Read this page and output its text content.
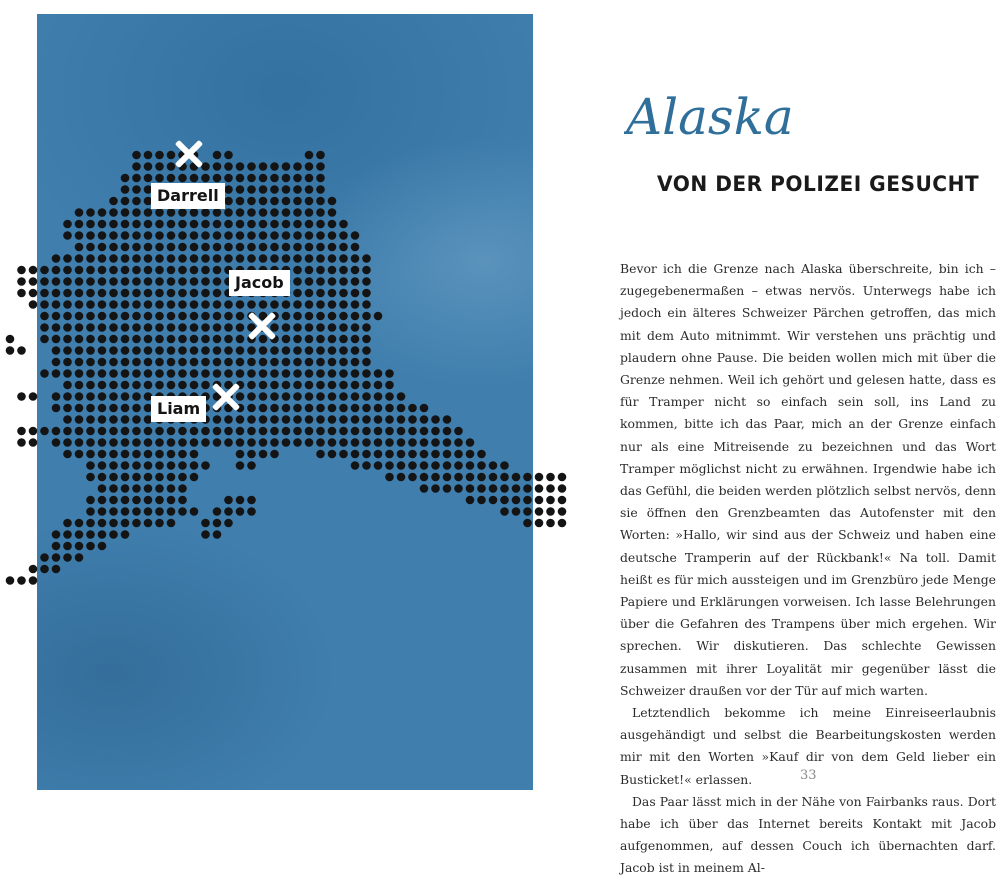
Darrell
Jacob
Liam
Alaska
VON DER POLIZEI GESUCHT

Bevor ich die Grenze nach Alaska überschreite, bin ich – zugegebenermaßen – etwas nervös. Unterwegs habe ich jedoch ein älteres Schweizer Pärchen getroffen, das mich mit dem Auto mitnimmt. Wir verstehen uns prächtig und plaudern ohne Pause. Die beiden wollen mich mit über die Grenze nehmen. Weil ich gehört und gelesen hatte, dass es für Tramper nicht so einfach sein soll, ins Land zu kommen, bitte ich das Paar, mich an der Grenze einfach nur als eine Mitreisende zu bezeichnen und das Wort Tramper möglichst nicht zu erwähnen. Irgendwie habe ich das Gefühl, die beiden werden plötzlich selbst nervös, denn sie öffnen den Grenzbeamten das Autofenster mit den Worten: »Hallo, wir sind aus der Schweiz und haben eine deutsche Tramperin auf der Rückbank!« Na toll. Damit heißt es für mich aussteigen und im Grenzbüro jede Menge Papiere und Erklärungen vorweisen. Ich lasse Belehrungen über die Gefahren des Trampens über mich ergehen. Wir sprechen. Wir diskutieren. Das schlechte Gewissen zusammen mit ihrer Loyalität mir gegenüber lässt die Schweizer draußen vor der Tür auf mich warten.

Letztendlich bekomme ich meine Einreiseerlaubnis ausgehändigt und selbst die Bearbeitungskosten werden mir mit den Worten »Kauf dir von dem Geld lieber ein Busticket!« erlassen.

Das Paar lässt mich in der Nähe von Fairbanks raus. Dort habe ich über das Internet bereits Kontakt mit Jacob aufgenommen, auf dessen Couch ich übernachten darf. Jacob ist in meinem Al-

33
